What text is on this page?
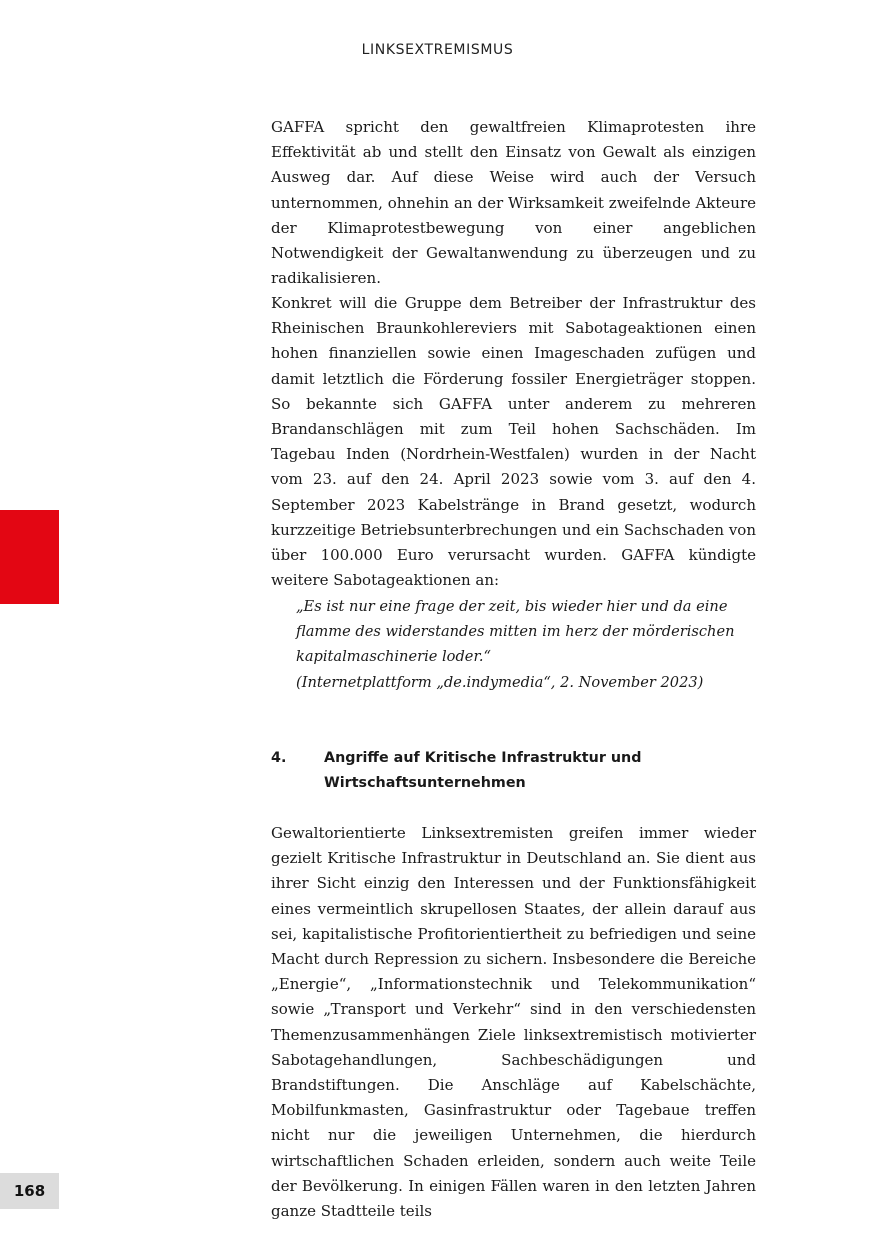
LINKSEXTREMISMUS

GAFFA spricht den gewaltfreien Klimaprotesten ihre Effektivität ab und stellt den Einsatz von Gewalt als einzigen Ausweg dar. Auf diese Weise wird auch der Versuch unternommen, ohnehin an der Wirksamkeit zweifelnde Akteure der Klimaprotestbewegung von einer angeblichen Notwendigkeit der Gewaltanwendung zu überzeugen und zu radikalisieren.

Konkret will die Gruppe dem Betreiber der Infrastruktur des Rheinischen Braunkohlereviers mit Sabotageaktionen einen hohen finanziellen sowie einen Imageschaden zufügen und damit letztlich die Förderung fossiler Energieträger stoppen. So bekannte sich GAFFA unter anderem zu mehreren Brandanschlägen mit zum Teil hohen Sachschäden. Im Tagebau Inden (Nordrhein-Westfalen) wurden in der Nacht vom 23. auf den 24. April 2023 sowie vom 3. auf den 4. September 2023 Kabelstränge in Brand gesetzt, wodurch kurzzeitige Betriebsunterbrechungen und ein Sachschaden von über 100.000 Euro verursacht wurden. GAFFA kündigte weitere Sabotageaktionen an:

„Es ist nur eine frage der zeit, bis wieder hier und da eine flamme des widerstandes mitten im herz der mörderischen kapitalmaschinerie loder.“

(Internetplattform „de.indymedia“, 2. November 2023)

4.	Angriffe auf Kritische Infrastruktur und Wirtschaftsunternehmen

Gewaltorientierte Linksextremisten greifen immer wieder gezielt Kritische Infrastruktur in Deutschland an. Sie dient aus ihrer Sicht einzig den Interessen und der Funktionsfähigkeit eines vermeintlich skrupellosen Staates, der allein darauf aus sei, kapitalistische Profitorientiertheit zu befriedigen und seine Macht durch Repression zu sichern. Insbesondere die Bereiche „Energie“, „Informationstechnik und Telekommunikation“ sowie „Transport und Verkehr“ sind in den verschiedensten Themenzusammenhängen Ziele linksextremistisch motivierter Sabotagehandlungen, Sachbeschädigungen und Brandstiftungen. Die Anschläge auf Kabelschächte, Mobilfunkmasten, Gasinfrastruktur oder Tagebaue treffen nicht nur die jeweiligen Unternehmen, die hierdurch wirtschaftlichen Schaden erleiden, sondern auch weite Teile der Bevölkerung. In einigen Fällen waren in den letzten Jahren ganze Stadtteile teils

168
